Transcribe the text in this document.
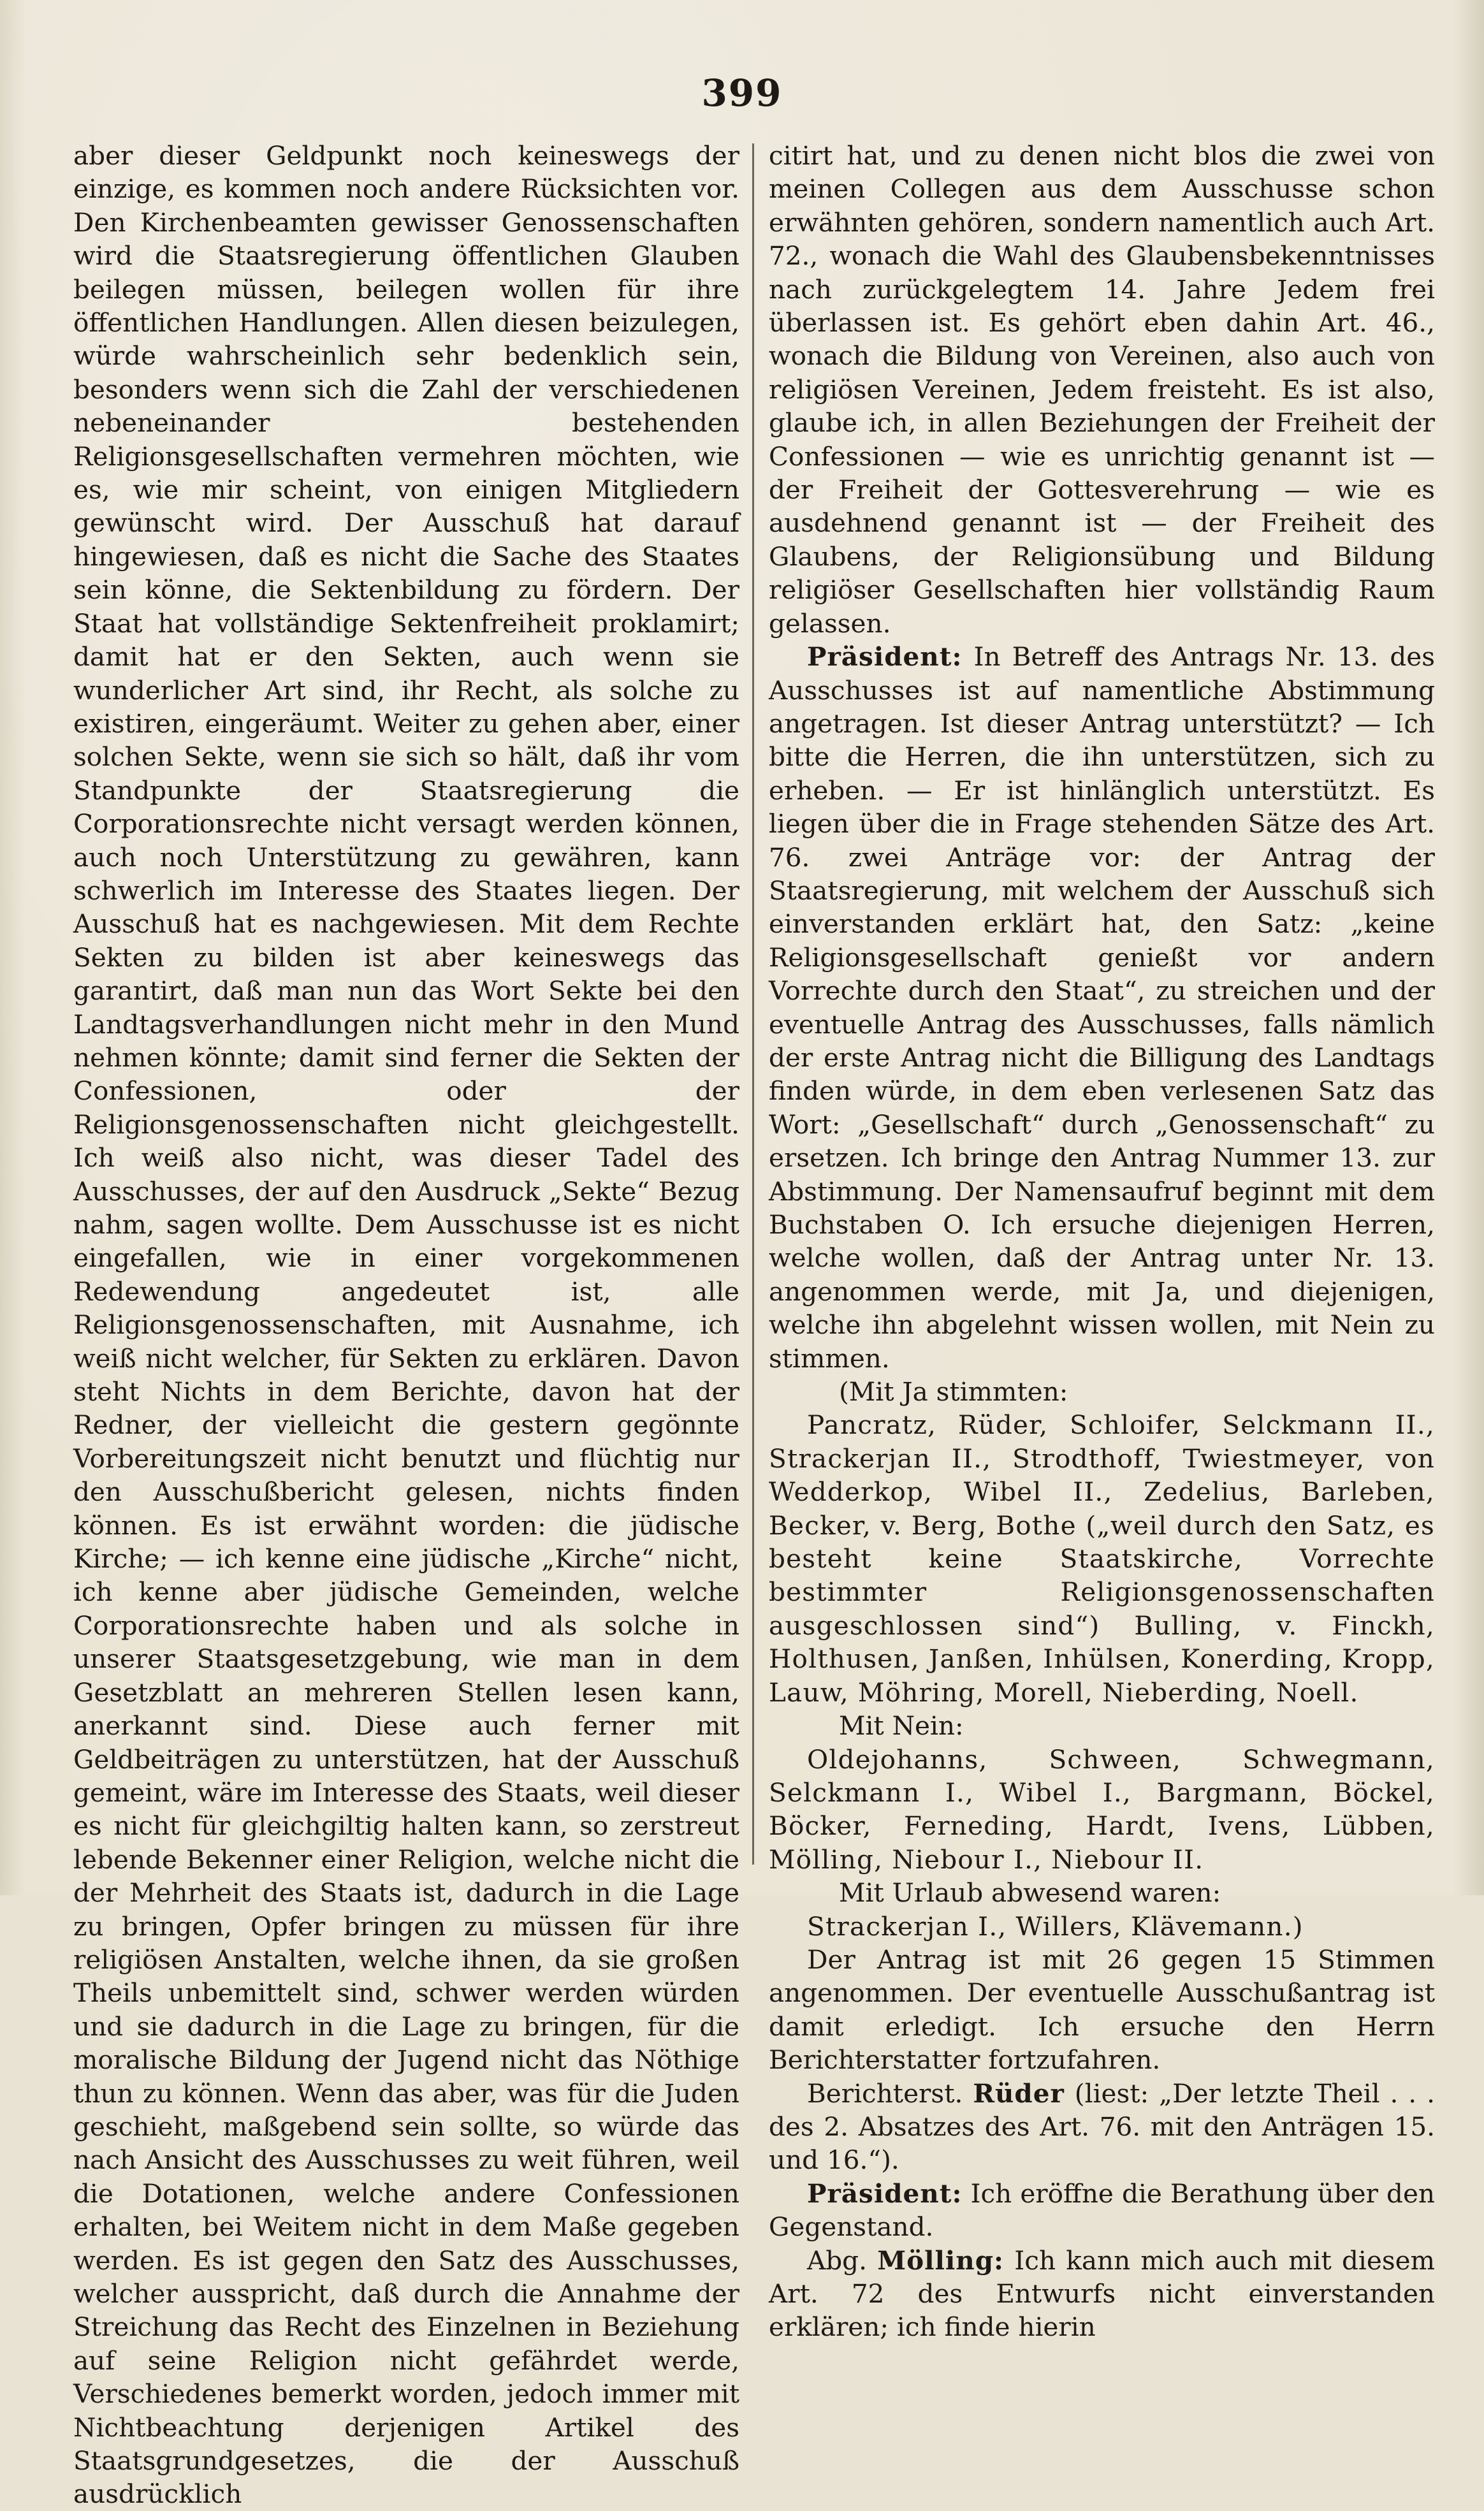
399

aber dieser Geldpunkt noch keineswegs der einzige, es kommen noch andere Rücksichten vor. Den Kirchenbeamten gewisser Genossenschaften wird die Staatsregierung öffentlichen Glauben beilegen müssen, beilegen wollen für ihre öffentlichen Handlungen. Allen diesen beizulegen, würde wahrscheinlich sehr bedenklich sein, besonders wenn sich die Zahl der verschiedenen nebeneinander bestehenden Religionsgesellschaften vermehren möchten, wie es, wie mir scheint, von einigen Mitgliedern gewünscht wird. Der Ausschuß hat darauf hingewiesen, daß es nicht die Sache des Staates sein könne, die Sektenbildung zu fördern. Der Staat hat vollständige Sektenfreiheit proklamirt; damit hat er den Sekten, auch wenn sie wunderlicher Art sind, ihr Recht, als solche zu existiren, eingeräumt. Weiter zu gehen aber, einer solchen Sekte, wenn sie sich so hält, daß ihr vom Standpunkte der Staatsregierung die Corporationsrechte nicht versagt werden können, auch noch Unterstützung zu gewähren, kann schwerlich im Interesse des Staates liegen. Der Ausschuß hat es nachgewiesen. Mit dem Rechte Sekten zu bilden ist aber keineswegs das garantirt, daß man nun das Wort Sekte bei den Landtagsverhandlungen nicht mehr in den Mund nehmen könnte; damit sind ferner die Sekten der Confessionen, oder der Religionsgenossenschaften nicht gleichgestellt. Ich weiß also nicht, was dieser Tadel des Ausschusses, der auf den Ausdruck „Sekte“ Bezug nahm, sagen wollte. Dem Ausschusse ist es nicht eingefallen, wie in einer vorgekommenen Redewendung angedeutet ist, alle Religionsgenossenschaften, mit Ausnahme, ich weiß nicht welcher, für Sekten zu erklären. Davon steht Nichts in dem Berichte, davon hat der Redner, der vielleicht die gestern gegönnte Vorbereitungszeit nicht benutzt und flüchtig nur den Ausschußbericht gelesen, nichts finden können. Es ist erwähnt worden: die jüdische Kirche; — ich kenne eine jüdische „Kirche“ nicht, ich kenne aber jüdische Gemeinden, welche Corporationsrechte haben und als solche in unserer Staatsgesetzgebung, wie man in dem Gesetzblatt an mehreren Stellen lesen kann, anerkannt sind. Diese auch ferner mit Geldbeiträgen zu unterstützen, hat der Ausschuß gemeint, wäre im Interesse des Staats, weil dieser es nicht für gleichgiltig halten kann, so zerstreut lebende Bekenner einer Religion, welche nicht die der Mehrheit des Staats ist, dadurch in die Lage zu bringen, Opfer bringen zu müssen für ihre religiösen Anstalten, welche ihnen, da sie großen Theils unbemittelt sind, schwer werden würden und sie dadurch in die Lage zu bringen, für die moralische Bildung der Jugend nicht das Nöthige thun zu können. Wenn das aber, was für die Juden geschieht, maßgebend sein sollte, so würde das nach Ansicht des Ausschusses zu weit führen, weil die Dotationen, welche andere Confessionen erhalten, bei Weitem nicht in dem Maße gegeben werden. Es ist gegen den Satz des Ausschusses, welcher ausspricht, daß durch die Annahme der Streichung das Recht des Einzelnen in Beziehung auf seine Religion nicht gefährdet werde, Verschiedenes bemerkt worden, jedoch immer mit Nichtbeachtung derjenigen Artikel des Staatsgrundgesetzes, die der Ausschuß ausdrücklich

citirt hat, und zu denen nicht blos die zwei von meinen Collegen aus dem Ausschusse schon erwähnten gehören, sondern namentlich auch Art. 72., wonach die Wahl des Glaubensbekenntnisses nach zurückgelegtem 14. Jahre Jedem frei überlassen ist. Es gehört eben dahin Art. 46., wonach die Bildung von Vereinen, also auch von religiösen Vereinen, Jedem freisteht. Es ist also, glaube ich, in allen Beziehungen der Freiheit der Confessionen — wie es unrichtig genannt ist — der Freiheit der Gottesverehrung — wie es ausdehnend genannt ist — der Freiheit des Glaubens, der Religionsübung und Bildung religiöser Gesellschaften hier vollständig Raum gelassen.

Präsident: In Betreff des Antrags Nr. 13. des Ausschusses ist auf namentliche Abstimmung angetragen. Ist dieser Antrag unterstützt? — Ich bitte die Herren, die ihn unterstützen, sich zu erheben. — Er ist hinlänglich unterstützt. Es liegen über die in Frage stehenden Sätze des Art. 76. zwei Anträge vor: der Antrag der Staatsregierung, mit welchem der Ausschuß sich einverstanden erklärt hat, den Satz: „keine Religionsgesellschaft genießt vor andern Vorrechte durch den Staat“, zu streichen und der eventuelle Antrag des Ausschusses, falls nämlich der erste Antrag nicht die Billigung des Landtags finden würde, in dem eben verlesenen Satz das Wort: „Gesellschaft“ durch „Genossenschaft“ zu ersetzen. Ich bringe den Antrag Nummer 13. zur Abstimmung. Der Namensaufruf beginnt mit dem Buchstaben O. Ich ersuche diejenigen Herren, welche wollen, daß der Antrag unter Nr. 13. angenommen werde, mit Ja, und diejenigen, welche ihn abgelehnt wissen wollen, mit Nein zu stimmen.

(Mit Ja stimmten:

Pancratz, Rüder, Schloifer, Selckmann II., Strackerjan II., Strodthoff, Twiestmeyer, von Wedderkop, Wibel II., Zedelius, Barleben, Becker, v. Berg, Bothe („weil durch den Satz, es besteht keine Staatskirche, Vorrechte bestimmter Religionsgenossenschaften ausgeschlossen sind“) Bulling, v. Finckh, Holthusen, Janßen, Inhülsen, Konerding, Kropp, Lauw, Möhring, Morell, Nieberding, Noell.

Mit Nein:

Oldejohanns, Schween, Schwegmann, Selckmann I., Wibel I., Bargmann, Böckel, Böcker, Ferneding, Hardt, Ivens, Lübben, Mölling, Niebour I., Niebour II.

Mit Urlaub abwesend waren:

Strackerjan I., Willers, Klävemann.)

Der Antrag ist mit 26 gegen 15 Stimmen angenommen. Der eventuelle Ausschußantrag ist damit erledigt. Ich ersuche den Herrn Berichterstatter fortzufahren.

Berichterst. Rüder (liest: „Der letzte Theil . . . des 2. Absatzes des Art. 76. mit den Anträgen 15. und 16.“).

Präsident: Ich eröffne die Berathung über den Gegenstand.

Abg. Mölling: Ich kann mich auch mit diesem Art. 72 des Entwurfs nicht einverstanden erklären; ich finde hierin
